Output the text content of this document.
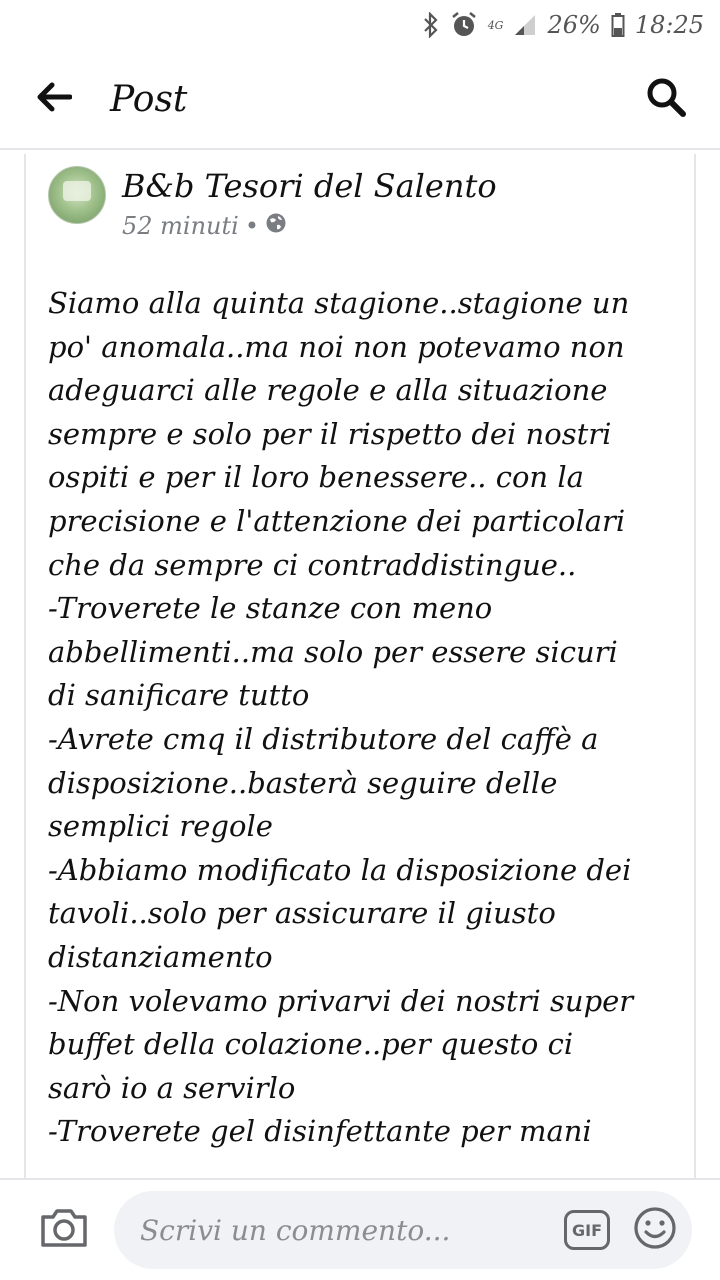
4G 26% 18:25
Post
B&b Tesori del Salento
52 minuti •
Siamo alla quinta stagione..stagione un
po' anomala..ma noi non potevamo non
adeguarci alle regole e alla situazione
sempre e solo per il rispetto dei nostri
ospiti e per il loro benessere.. con la
precisione e l'attenzione dei particolari
che da sempre ci contraddistingue..
-Troverete le stanze con meno
abbellimenti..ma solo per essere sicuri
di sanificare tutto
-Avrete cmq il distributore del caffè a
disposizione..basterà seguire delle
semplici regole
-Abbiamo modificato la disposizione dei
tavoli..solo per assicurare il giusto
distanziamento
-Non volevamo privarvi dei nostri super
buffet della colazione..per questo ci
sarò io a servirlo
-Troverete gel disinfettante per mani
Scrivi un commento...
GIF
